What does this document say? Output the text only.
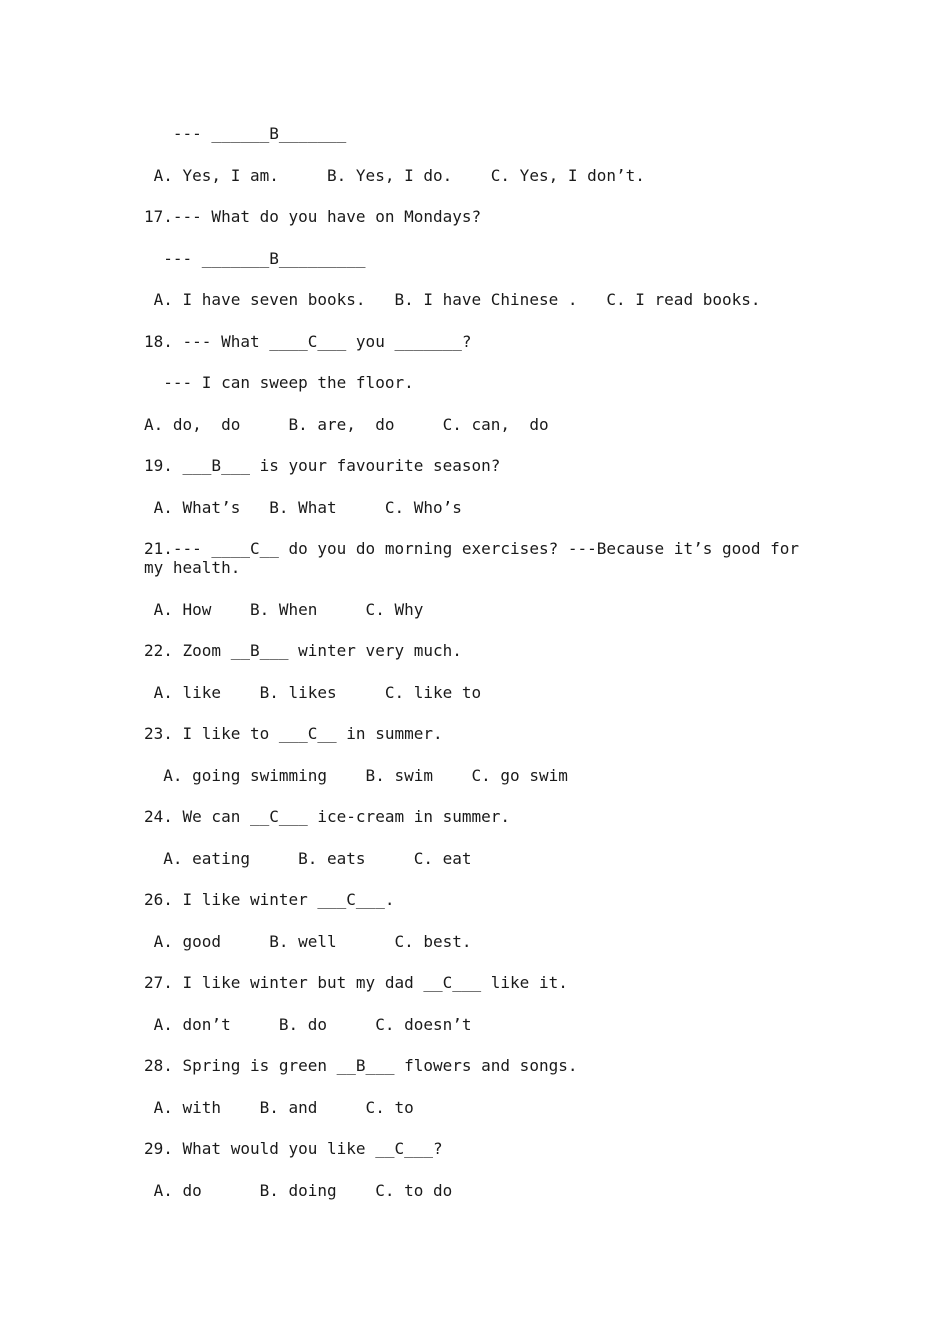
--- ______B_______
A. Yes, I am.     B. Yes, I do.    C. Yes, I don’t.
17.--- What do you have on Mondays?
--- _______B_________
A. I have seven books.   B. I have Chinese .   C. I read books.
18. --- What ____C___ you _______?
--- I can sweep the floor.
A. do,  do     B. are,  do     C. can,  do
19. ___B___ is your favourite season?
A. What’s   B. What     C. Who’s
21.--- ____C__ do you do morning exercises? ---Because it’s good for my health.
A. How    B. When     C. Why
22. Zoom __B___ winter very much.
A. like    B. likes     C. like to
23. I like to ___C__ in summer.
A. going swimming    B. swim    C. go swim
24. We can __C___ ice-cream in summer.
A. eating     B. eats     C. eat
26. I like winter ___C___.
A. good     B. well      C. best.
27. I like winter but my dad __C___ like it.
A. don’t     B. do     C. doesn’t
28. Spring is green __B___ flowers and songs.
A. with    B. and     C. to
29. What would you like __C___?
A. do      B. doing    C. to do
